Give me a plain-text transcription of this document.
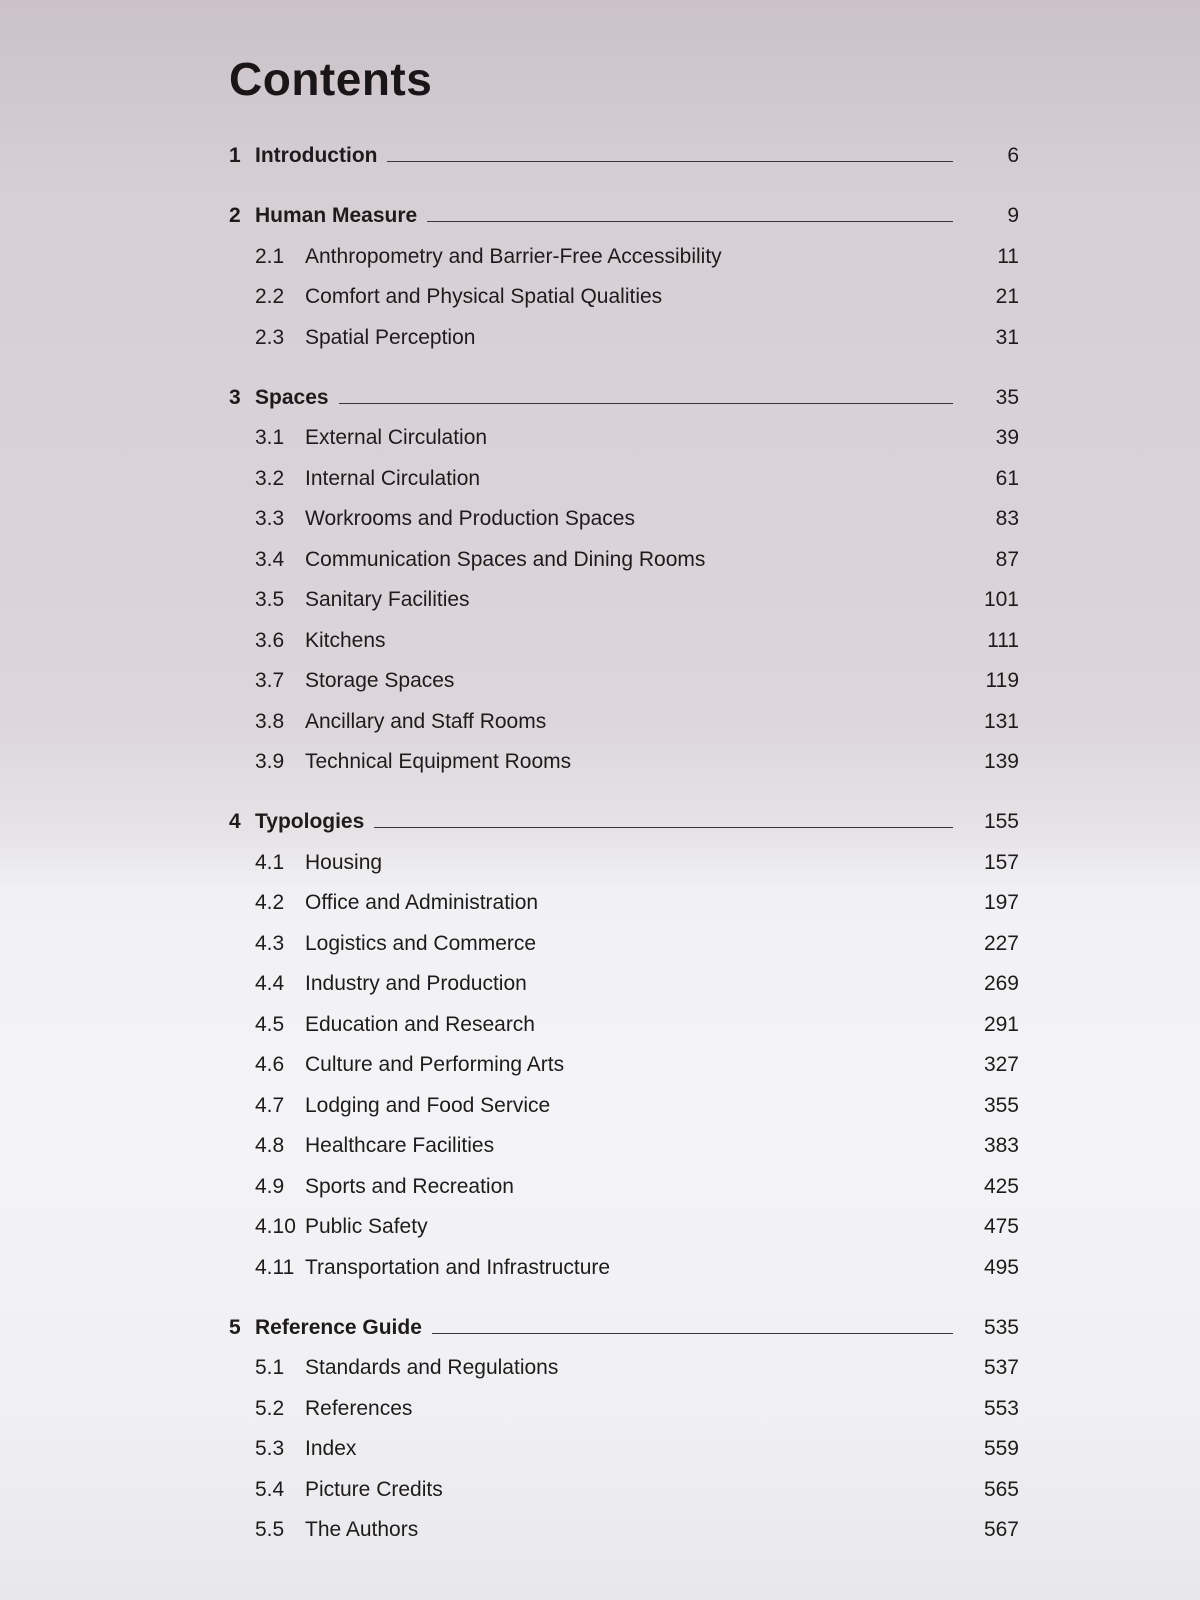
Contents
1 Introduction	6
2 Human Measure	9
2.1 Anthropometry and Barrier-Free Accessibility	11
2.2 Comfort and Physical Spatial Qualities	21
2.3 Spatial Perception	31
3 Spaces	35
3.1 External Circulation	39
3.2 Internal Circulation	61
3.3 Workrooms and Production Spaces	83
3.4 Communication Spaces and Dining Rooms	87
3.5 Sanitary Facilities	101
3.6 Kitchens	111
3.7 Storage Spaces	119
3.8 Ancillary and Staff Rooms	131
3.9 Technical Equipment Rooms	139
4 Typologies	155
4.1 Housing	157
4.2 Office and Administration	197
4.3 Logistics and Commerce	227
4.4 Industry and Production	269
4.5 Education and Research	291
4.6 Culture and Performing Arts	327
4.7 Lodging and Food Service	355
4.8 Healthcare Facilities	383
4.9 Sports and Recreation	425
4.10 Public Safety	475
4.11 Transportation and Infrastructure	495
5 Reference Guide	535
5.1 Standards and Regulations	537
5.2 References	553
5.3 Index	559
5.4 Picture Credits	565
5.5 The Authors	567
